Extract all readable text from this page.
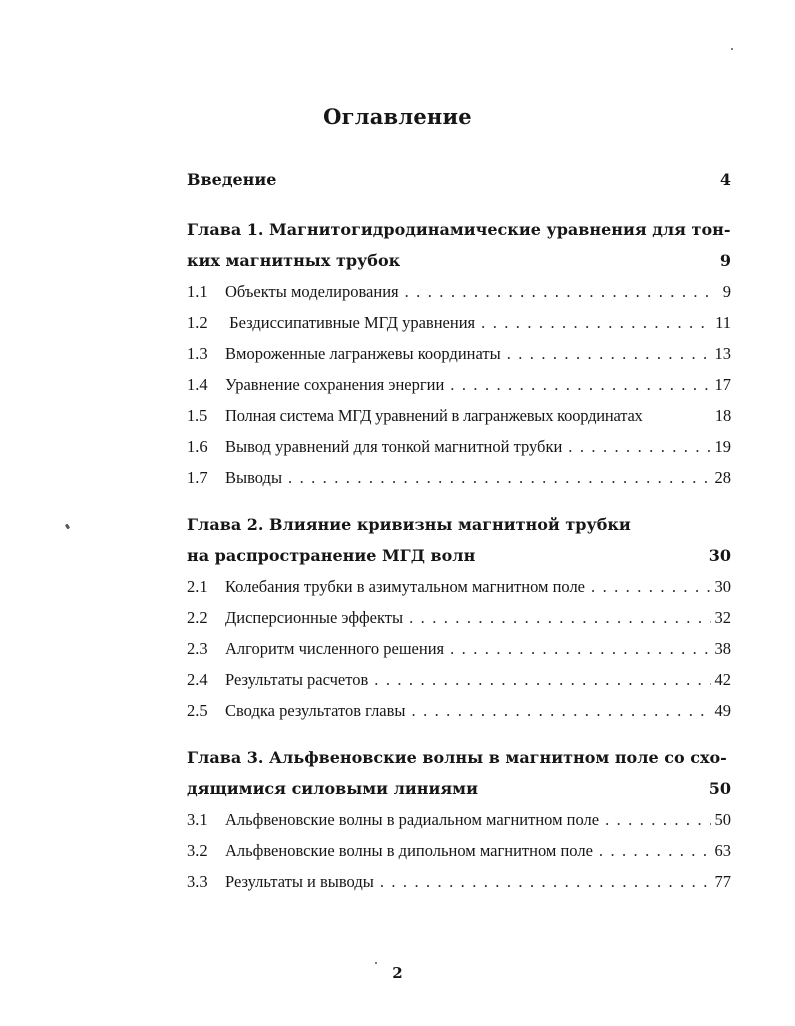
Оглавление
Введение	4
Глава 1. Магнитогидродинамические уравнения для тон-
ких магнитных трубок	9
1.1	Объекты моделирования . . .	9
1.2	Бездиссипативные МГД уравнения . . .	11
1.3	Вмороженные лагранжевы координаты . . .	13
1.4	Уравнение сохранения энергии . . .	17
1.5	Полная система МГД уравнений в лагранжевых координатах	18
1.6	Вывод уравнений для тонкой магнитной трубки . . .	19
1.7	Выводы . . .	28
Глава 2. Влияние кривизны магнитной трубки
на распространение МГД волн	30
2.1	Колебания трубки в азимутальном магнитном поле . . .	30
2.2	Дисперсионные эффекты . . .	32
2.3	Алгоритм численного решения . . .	38
2.4	Результаты расчетов . . .	42
2.5	Сводка результатов главы . . .	49
Глава 3. Альфвеновские волны в магнитном поле со схо-
дящимися силовыми линиями	50
3.1	Альфвеновские волны в радиальном магнитном поле . . .	50
3.2	Альфвеновские волны в дипольном магнитном поле . . .	63
3.3	Результаты и выводы . . .	77
2
